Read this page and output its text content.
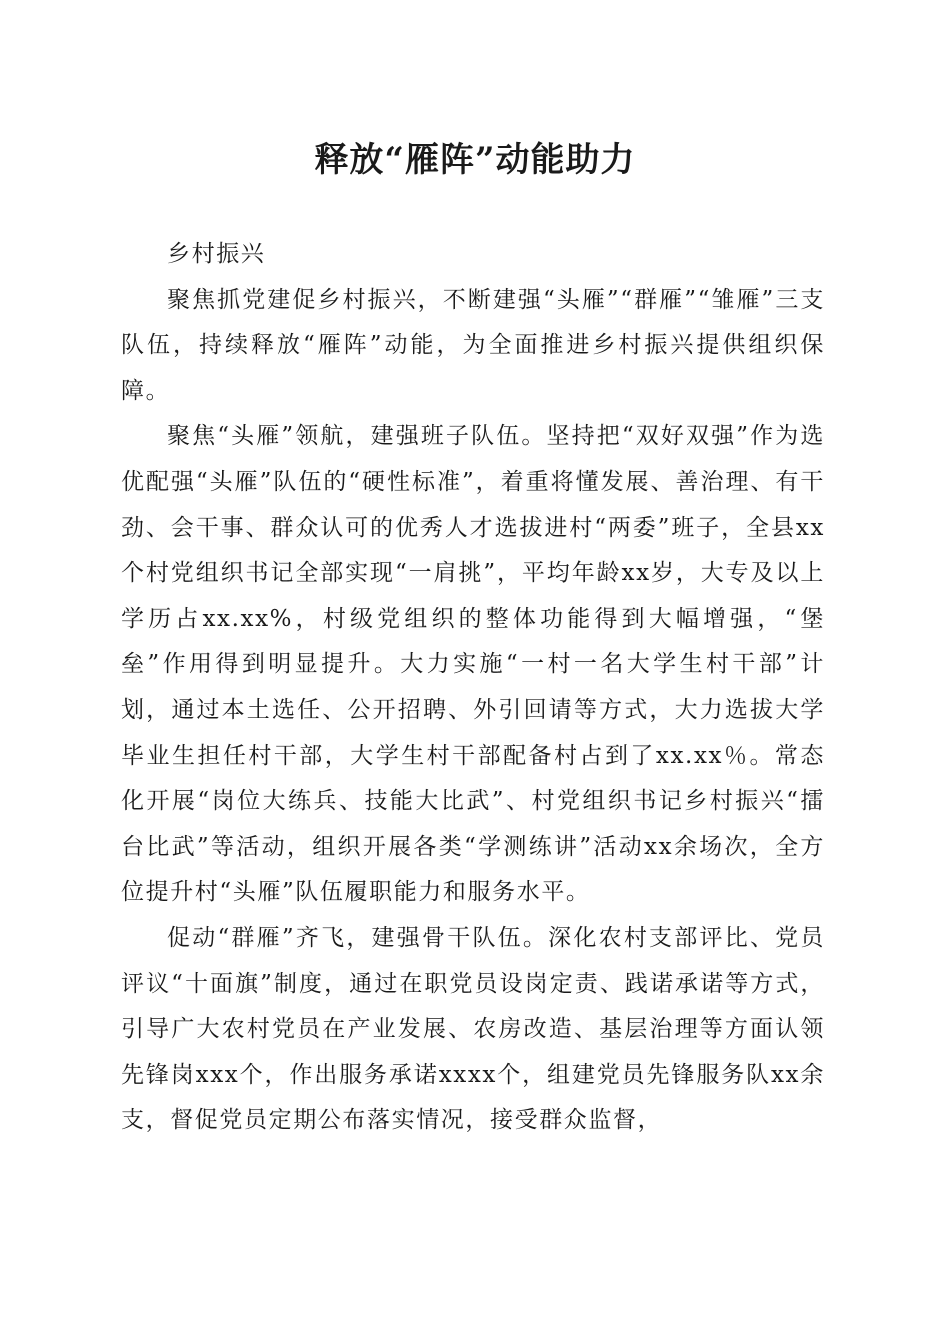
释放“雁阵”动能助力

乡村振兴

聚焦抓党建促乡村振兴，不断建强“头雁”“群雁”“雏雁”三支队伍，持续释放“雁阵”动能，为全面推进乡村振兴提供组织保障。

聚焦“头雁”领航，建强班子队伍。坚持把“双好双强”作为选优配强“头雁”队伍的“硬性标准”，着重将懂发展、善治理、有干劲、会干事、群众认可的优秀人才选拔进村“两委”班子，全县xx个村党组织书记全部实现“一肩挑”，平均年龄xx岁，大专及以上学历占xx.xx%，村级党组织的整体功能得到大幅增强，“堡垒”作用得到明显提升。大力实施“一村一名大学生村干部”计划，通过本土选任、公开招聘、外引回请等方式，大力选拔大学毕业生担任村干部，大学生村干部配备村占到了xx.xx％。常态化开展“岗位大练兵、技能大比武”、村党组织书记乡村振兴“擂台比武”等活动，组织开展各类“学测练讲”活动xx余场次，全方位提升村“头雁”队伍履职能力和服务水平。

促动“群雁”齐飞，建强骨干队伍。深化农村支部评比、党员评议“十面旗”制度，通过在职党员设岗定责、践诺承诺等方式，引导广大农村党员在产业发展、农房改造、基层治理等方面认领先锋岗xxx个，作出服务承诺xxxx个，组建党员先锋服务队xx余支，督促党员定期公布落实情况，接受群众监督，
